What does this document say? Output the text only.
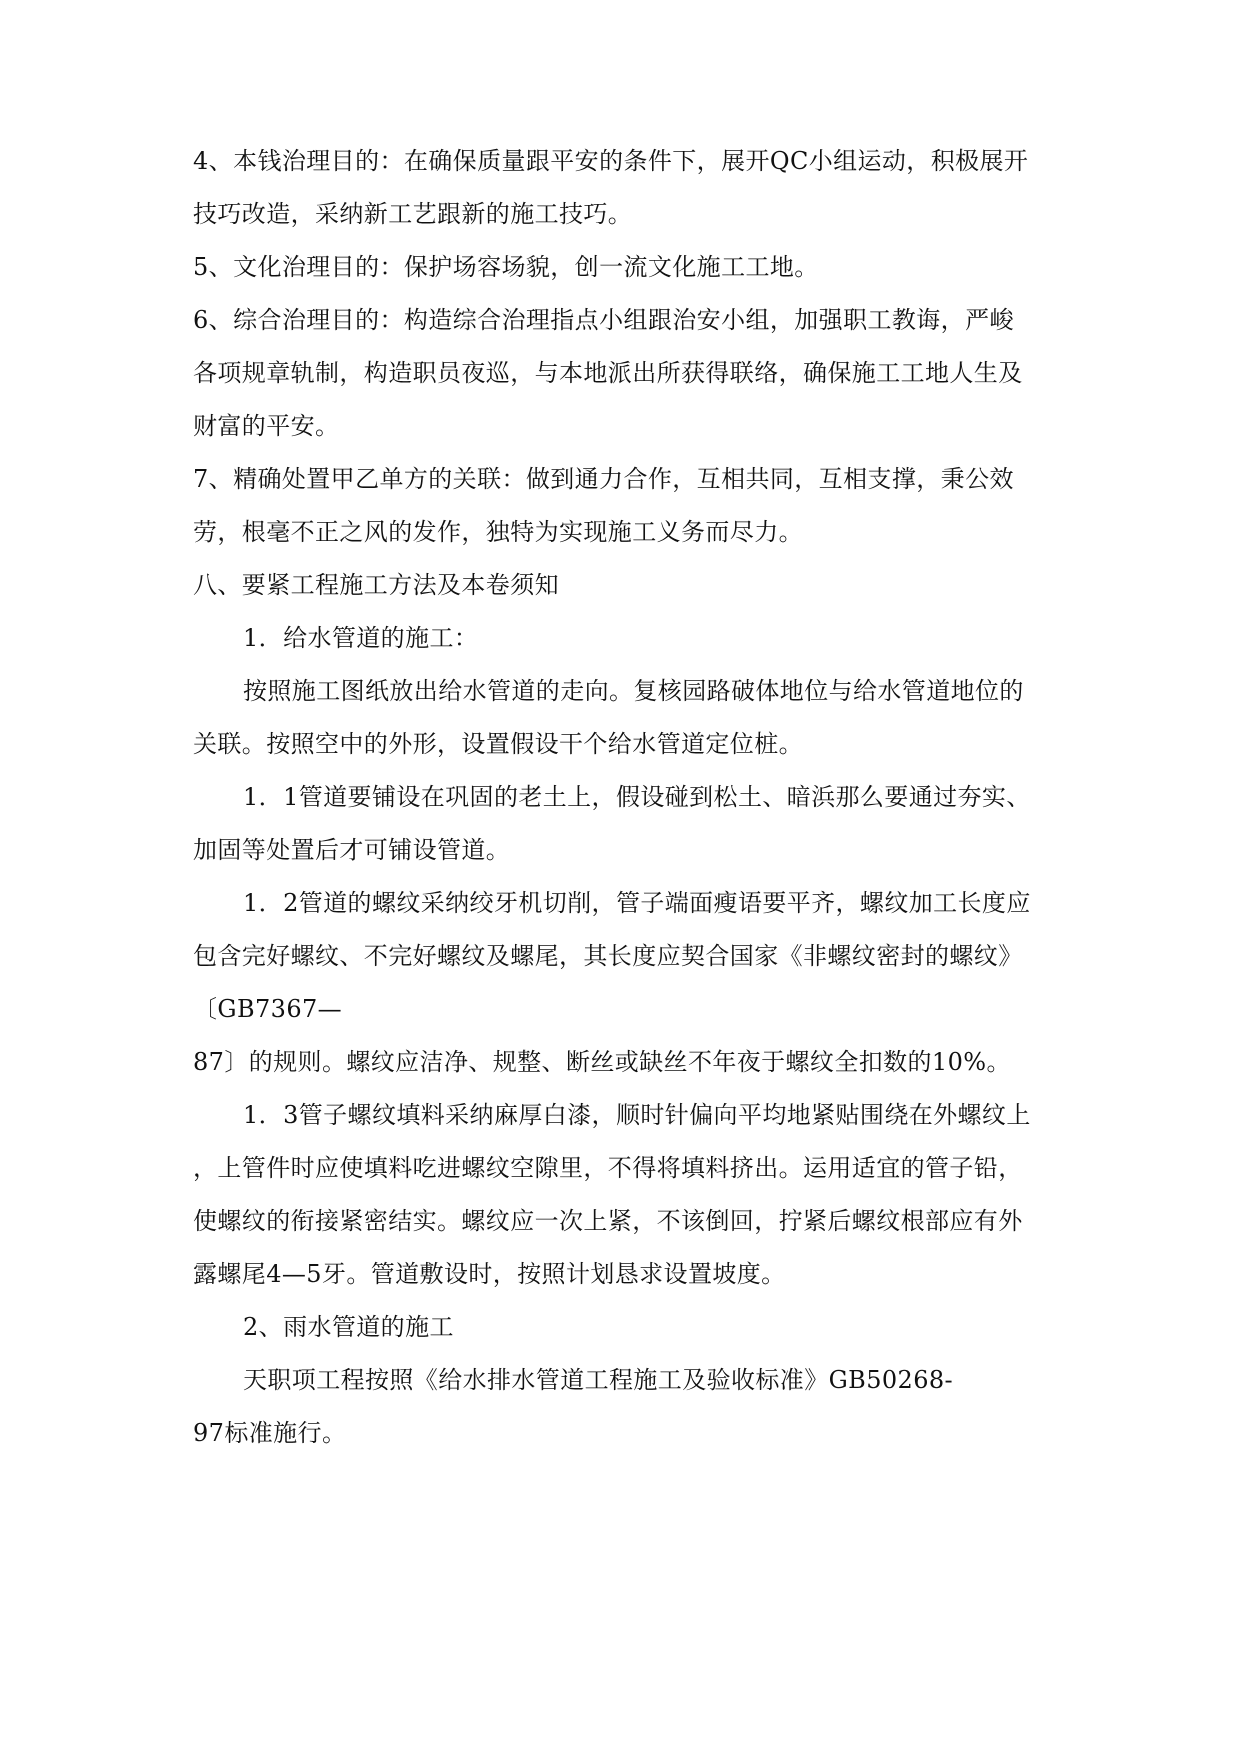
4、本钱治理目的：在确保质量跟平安的条件下，展开QC小组运动，积极展开
技巧改造，采纳新工艺跟新的施工技巧。
5、文化治理目的：保护场容场貌，创一流文化施工工地。
6、综合治理目的：构造综合治理指点小组跟治安小组，加强职工教诲，严峻
各项规章轨制，构造职员夜巡，与本地派出所获得联络，确保施工工地人生及
财富的平安。
7、精确处置甲乙单方的关联：做到通力合作，互相共同，互相支撑，秉公效
劳，根毫不正之风的发作，独特为实现施工义务而尽力。
八、要紧工程施工方法及本卷须知
1．给水管道的施工：
按照施工图纸放出给水管道的走向。复核园路破体地位与给水管道地位的
关联。按照空中的外形，设置假设干个给水管道定位桩。
1．1管道要铺设在巩固的老土上，假设碰到松土、暗浜那么要通过夯实、
加固等处置后才可铺设管道。
1．2管道的螺纹采纳绞牙机切削，管子端面瘦语要平齐，螺纹加工长度应
包含完好螺纹、不完好螺纹及螺尾，其长度应契合国家《非螺纹密封的螺纹》
〔GB7367—
87〕的规则。螺纹应洁净、规整、断丝或缺丝不年夜于螺纹全扣数的10%。
1．3管子螺纹填料采纳麻厚白漆，顺时针偏向平均地紧贴围绕在外螺纹上
，上管件时应使填料吃进螺纹空隙里，不得将填料挤出。运用适宜的管子铅，
使螺纹的衔接紧密结实。螺纹应一次上紧，不该倒回，拧紧后螺纹根部应有外
露螺尾4—5牙。管道敷设时，按照计划恳求设置坡度。
2、雨水管道的施工
天职项工程按照《给水排水管道工程施工及验收标准》GB50268-
97标准施行。
